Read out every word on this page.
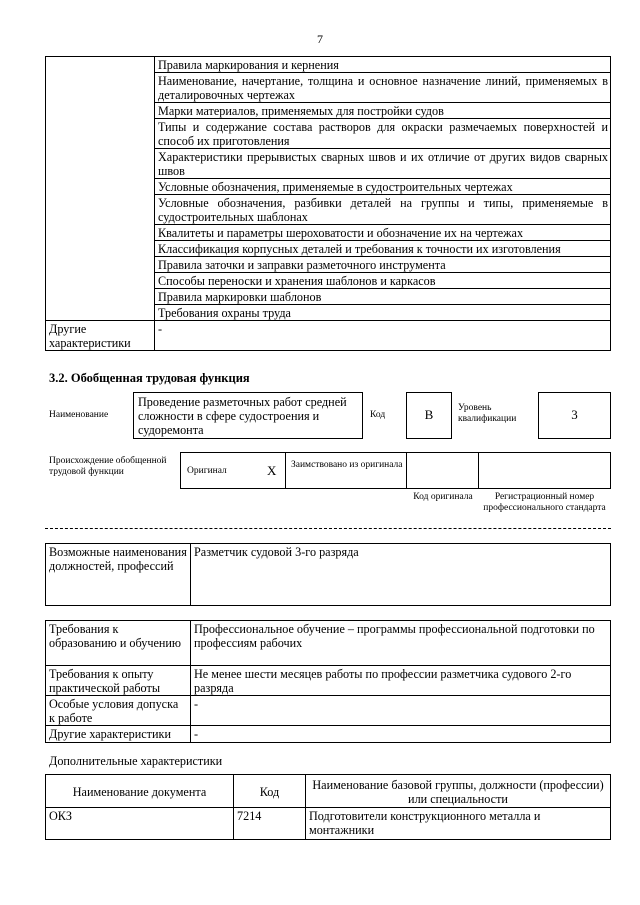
7
	Правила маркирования и кернения
	Наименование, начертание, толщина и основное назначение линий, применяемых в деталировочных чертежах
	Марки материалов, применяемых для постройки судов
	Типы и содержание состава растворов для окраски размечаемых поверхностей и способ их приготовления
	Характеристики прерывистых сварных швов и их отличие от других видов сварных швов
	Условные обозначения, применяемые в судостроительных чертежах
	Условные обозначения, разбивки деталей на группы и типы, применяемые в судостроительных шаблонах
	Квалитеты и параметры шероховатости и обозначение их на чертежах
	Классификация корпусных деталей и требования к точности их изготовления
	Правила заточки и заправки разметочного инструмента
	Способы переноски и хранения шаблонов и каркасов
	Правила маркировки шаблонов
	Требования охраны труда
Другие характеристики	-
3.2. Обобщенная трудовая функция
Наименование
Проведение разметочных работ средней сложности в сфере судостроения и судоремонта
Код	B	Уровень квалификации	3
Происхождение обобщенной трудовой функции	Оригинал	X Заимствовано из оригинала
Код оригинала	Регистрационный номер профессионального стандарта
Возможные наименования должностей, профессий	Разметчик судовой 3-го разряда
Требования к образованию и обучению	Профессиональное обучение – программы профессиональной подготовки по профессиям рабочих
Требования к опыту практической работы	Не менее шести месяцев работы по профессии разметчика судового 2-го разряда
Особые условия допуска к работе	-
Другие характеристики	-
Дополнительные характеристики
Наименование документа	Код	Наименование базовой группы, должности (профессии) или специальности
ОКЗ	7214	Подготовители конструкционного металла и монтажники
